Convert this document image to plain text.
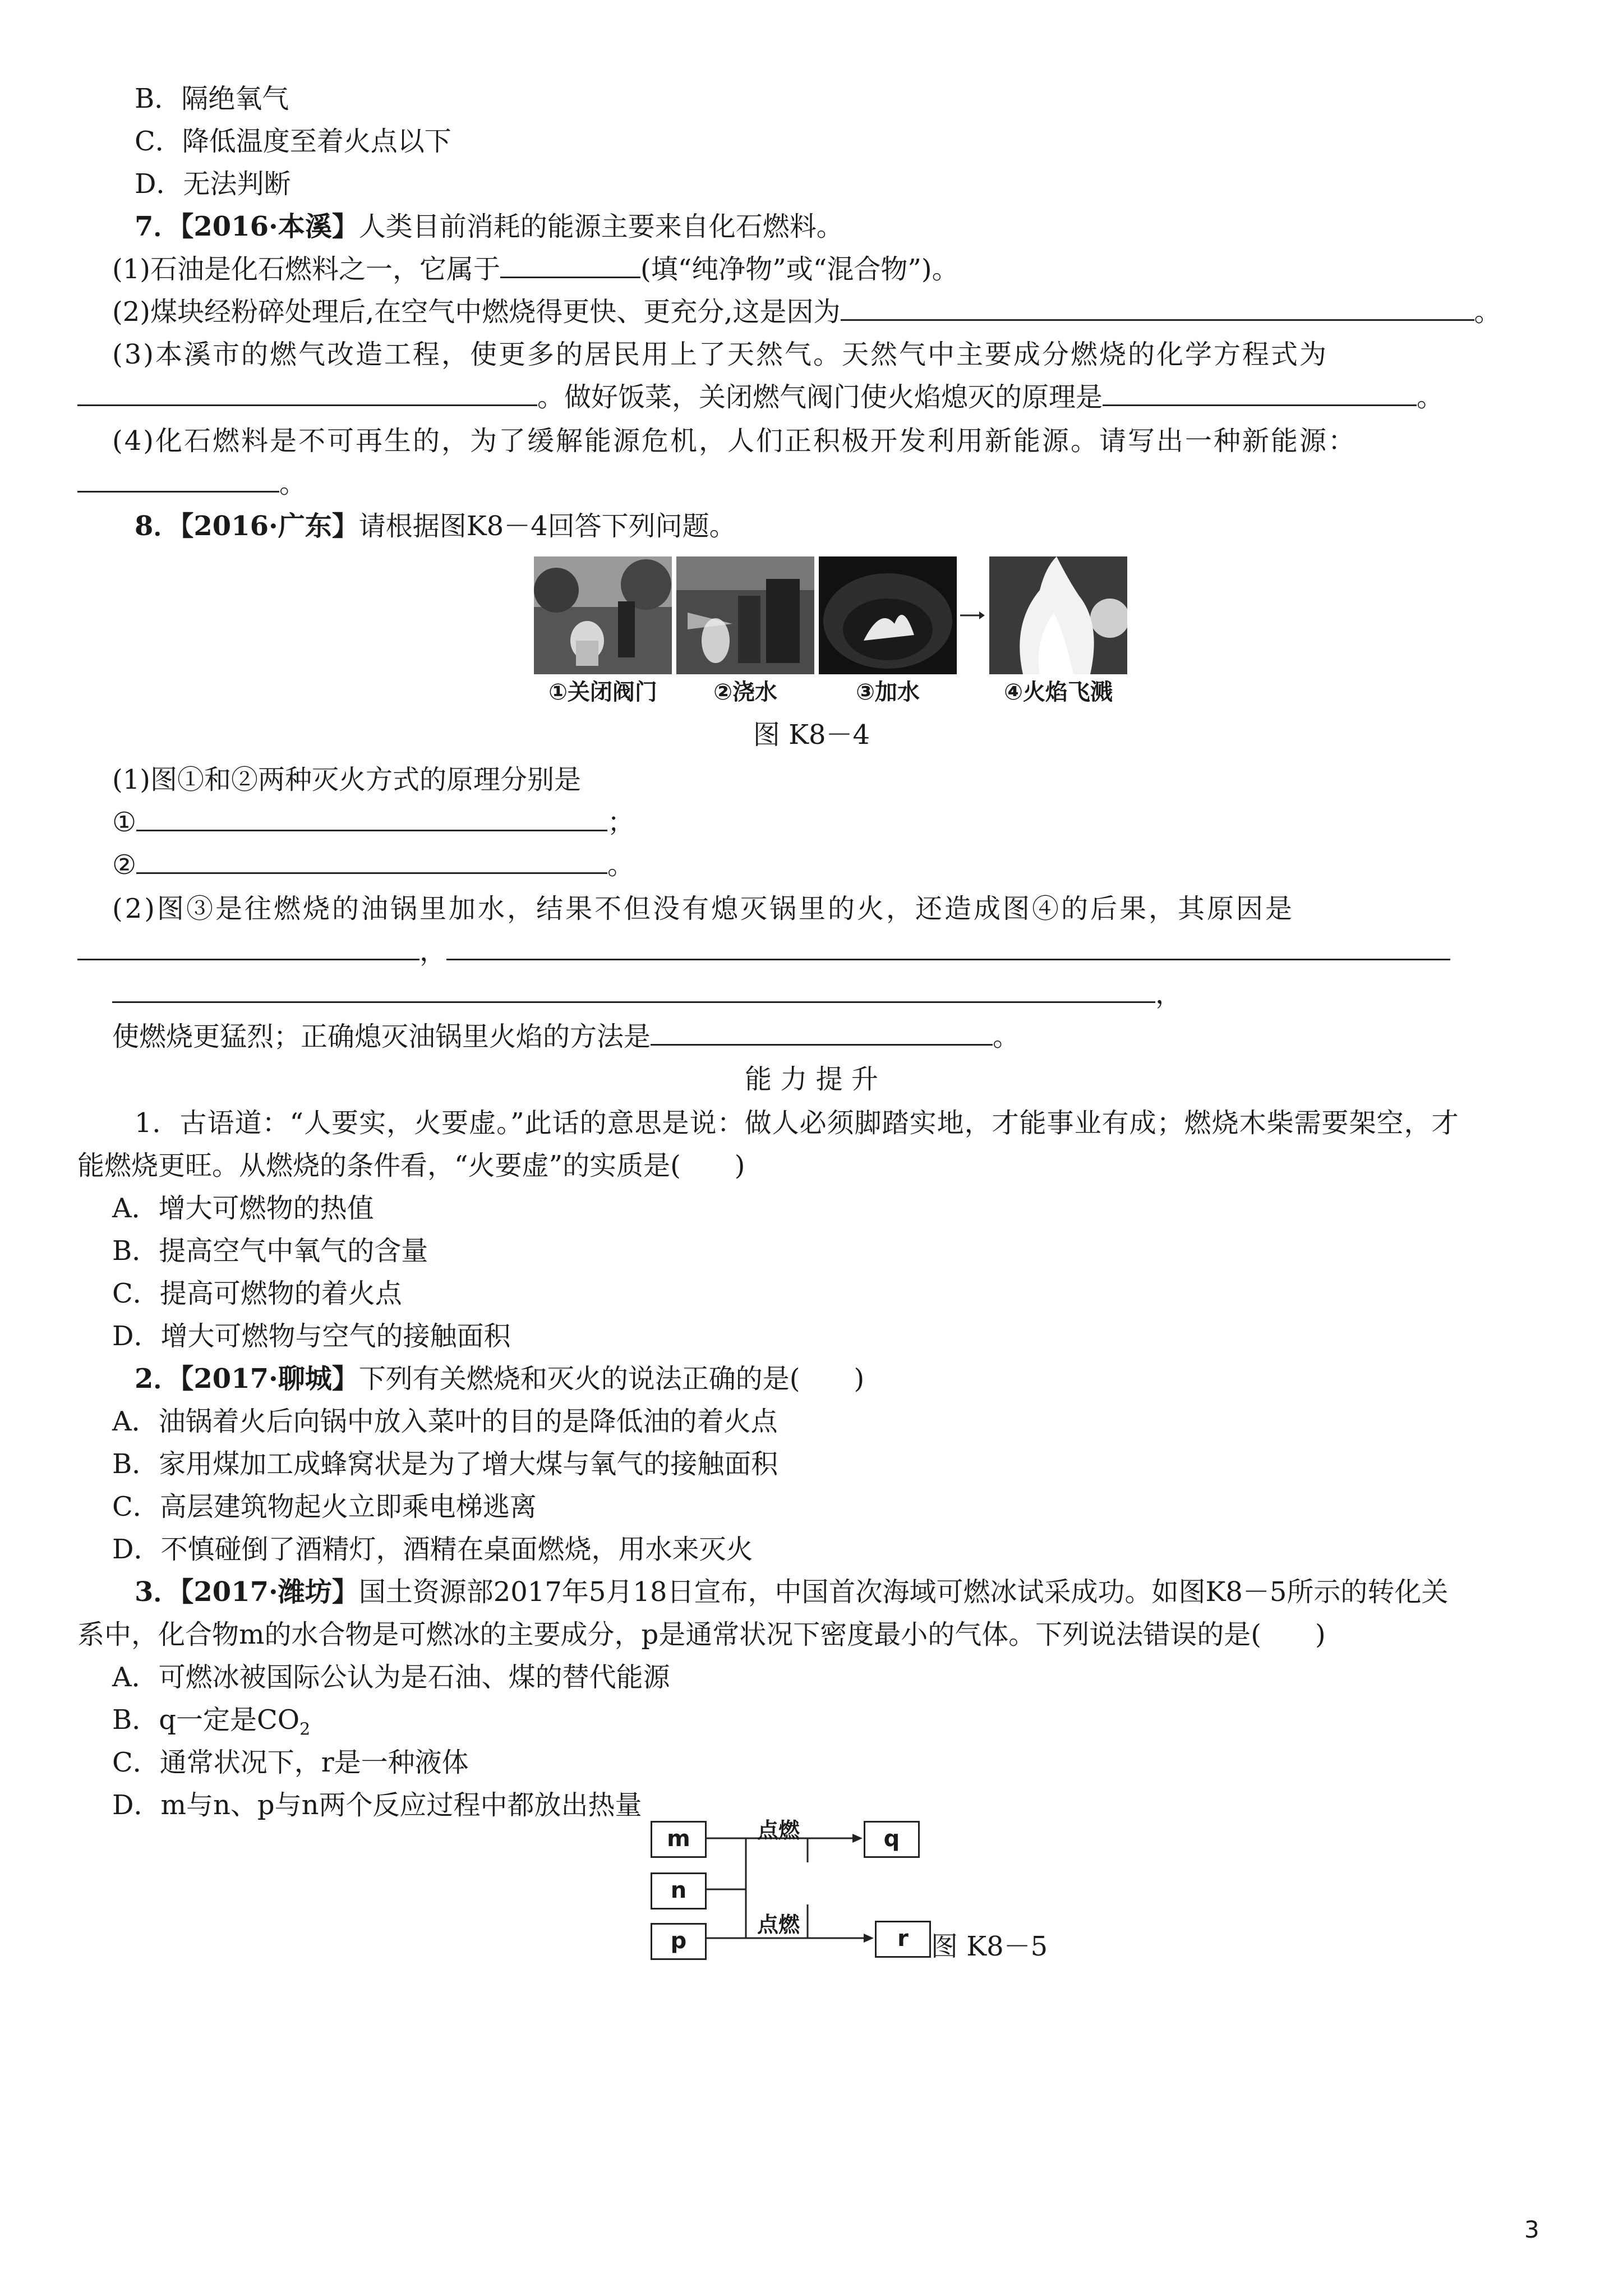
B．隔绝氧气
C．降低温度至着火点以下
D．无法判断
7．【2016·本溪】人类目前消耗的能源主要来自化石燃料。
(1)石油是化石燃料之一，它属于	(填“纯净物”或“混合物”)。
(2)煤块经粉碎处理后,在空气中燃烧得更快、更充分,这是因为	。
(3)本溪市的燃气改造工程，使更多的居民用上了天然气。天然气中主要成分燃烧的化学方程式为
。做好饭菜，关闭燃气阀门使火焰熄灭的原理是	。
(4)化石燃料是不可再生的，为了缓解能源危机，人们正积极开发利用新能源。请写出一种新能源：
。
8．【2016·广东】请根据图K8－4回答下列问题。
①关闭阀门	②浇水	③加水	④火焰飞溅
图 K8－4
(1)图①和②两种灭火方式的原理分别是
①	；
②	。
(2)图③是往燃烧的油锅里加水，结果不但没有熄灭锅里的火，还造成图④的后果，其原因是
，
，
使燃烧更猛烈；正确熄灭油锅里火焰的方法是	。
能 力 提 升
1．古语道：“人要实，火要虚。”此话的意思是说：做人必须脚踏实地，才能事业有成；燃烧木柴需要架空，才
能燃烧更旺。从燃烧的条件看，“火要虚”的实质是(　　)
A．增大可燃物的热值
B．提高空气中氧气的含量
C．提高可燃物的着火点
D．增大可燃物与空气的接触面积
2．【2017·聊城】下列有关燃烧和灭火的说法正确的是(　　)
A．油锅着火后向锅中放入菜叶的目的是降低油的着火点
B．家用煤加工成蜂窝状是为了增大煤与氧气的接触面积
C．高层建筑物起火立即乘电梯逃离
D．不慎碰倒了酒精灯，酒精在桌面燃烧，用水来灭火
3．【2017·潍坊】国土资源部2017年5月18日宣布，中国首次海域可燃冰试采成功。如图K8－5所示的转化关
系中，化合物m的水合物是可燃冰的主要成分，p是通常状况下密度最小的气体。下列说法错误的是(　　)
A．可燃冰被国际公认为是石油、煤的替代能源
B．q一定是$CO_2$
C．通常状况下，r是一种液体
D．m与n、p与n两个反应过程中都放出热量
m
n
p
q
r
点燃
点燃
图 K8－5
3
